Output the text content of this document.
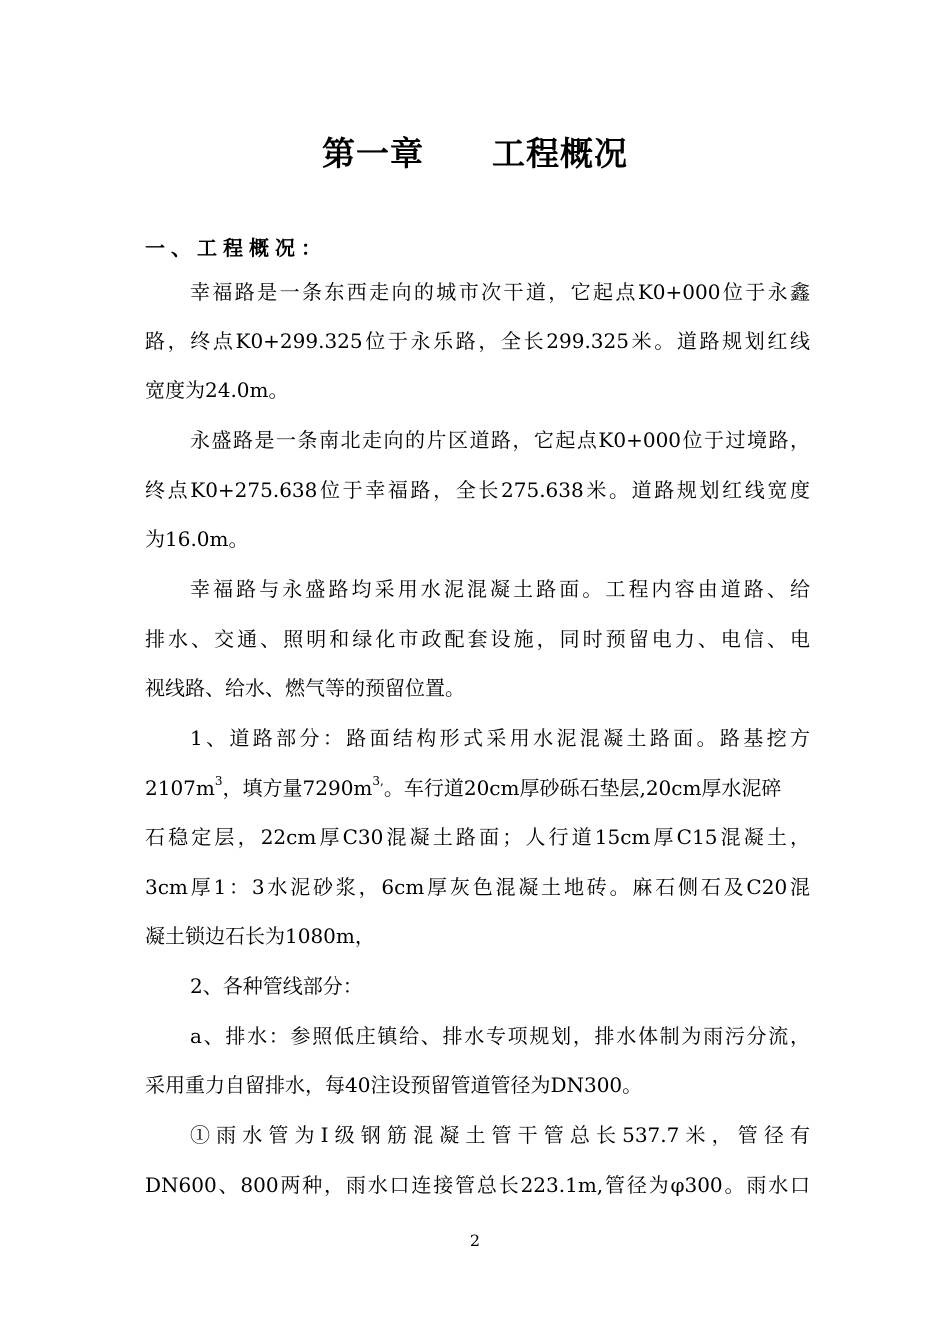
第一章　　工程概况
一、工程概况：
幸福路是一条东西走向的城市次干道，它起点K0+000位于永鑫
路，终点K0+299.325位于永乐路，全长299.325米。道路规划红线
宽度为24.0m。
永盛路是一条南北走向的片区道路，它起点K0+000位于过境路，
终点K0+275.638位于幸福路，全长275.638米。道路规划红线宽度
为16.0m。
幸福路与永盛路均采用水泥混凝土路面。工程内容由道路、给
排水、交通、照明和绿化市政配套设施，同时预留电力、电信、电
视线路、给水、燃气等的预留位置。
1、道路部分：路面结构形式采用水泥混凝土路面。路基挖方
$2107m^3$，填方量$7290m^{3,}$。车行道20cm厚砂砾石垫层,20cm厚水泥碎
石稳定层，22cm厚C30混凝土路面；人行道15cm厚C15混凝土，
3cm厚1：3水泥砂浆，6cm厚灰色混凝土地砖。麻石侧石及C20混
凝土锁边石长为1080m，
2、各种管线部分：
a、排水：参照低庄镇给、排水专项规划，排水体制为雨污分流，
采用重力自留排水，每40注设预留管道管径为DN300。
①雨水管为Ⅰ级钢筋混凝土管干管总长537.7米，管径有
DN600、800两种，雨水口连接管总长223.1m,管径为φ300。雨水口
2
